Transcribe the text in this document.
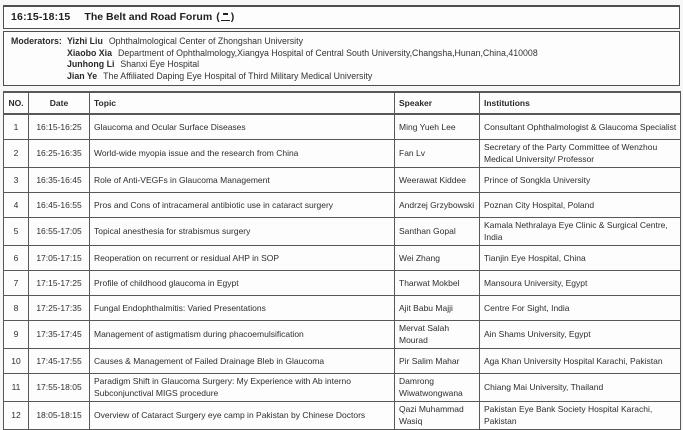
16:15-18:15 The Belt and Road Forum ( )
Moderators: Yizhi Liu Ophthalmological Center of Zhongshan University
Xiaobo Xia Department of Ophthalmology,Xiangya Hospital of Central South University,Changsha,Hunan,China,410008
Junhong Li Shanxi Eye Hospital
Jian Ye The Affiliated Daping Eye Hospital of Third Military Medical University
NO.	Date	Topic	Speaker	Institutions
1	16:15-16:25	Glaucoma and Ocular Surface Diseases	Ming Yueh Lee	Consultant Ophthalmologist & Glaucoma Specialist
2	16:25-16:35	World-wide myopia issue and the research from China	Fan Lv	Secretary of the Party Committee of Wenzhou Medical University/ Professor
3	16:35-16:45	Role of Anti-VEGFs in Glaucoma Management	Weerawat Kiddee	Prince of Songkla University
4	16:45-16:55	Pros and Cons of intracameral antibiotic use in cataract surgery	Andrzej Grzybowski	Poznan City Hospital, Poland
5	16:55-17:05	Topical anesthesia for strabismus surgery	Santhan Gopal	Kamala Nethralaya Eye Clinic & Surgical Centre, India
6	17:05-17:15	Reoperation on recurrent or residual AHP in SOP	Wei Zhang	Tianjin Eye Hospital, China
7	17:15-17:25	Profile of childhood glaucoma in Egypt	Tharwat Mokbel	Mansoura University, Egypt
8	17:25-17:35	Fungal Endophthalmitis: Varied Presentations	Ajit Babu Majji	Centre For Sight, India
9	17:35-17:45	Management of astigmatism during phacoemulsification	Mervat Salah Mourad	Ain Shams University, Egypt
10	17:45-17:55	Causes & Management of Failed Drainage Bleb in Glaucoma	Pir Salim Mahar	Aga Khan University Hospital Karachi, Pakistan
11	17:55-18:05	Paradigm Shift in Glaucoma Surgery: My Experience with Ab interno Subconjunctival MIGS procedure	Damrong Wiwatwongwana	Chiang Mai University, Thailand
12	18:05-18:15	Overview of Cataract Surgery eye camp in Pakistan by Chinese Doctors	Qazi Muhammad Wasiq	Pakistan Eye Bank Society Hospital Karachi, Pakistan
